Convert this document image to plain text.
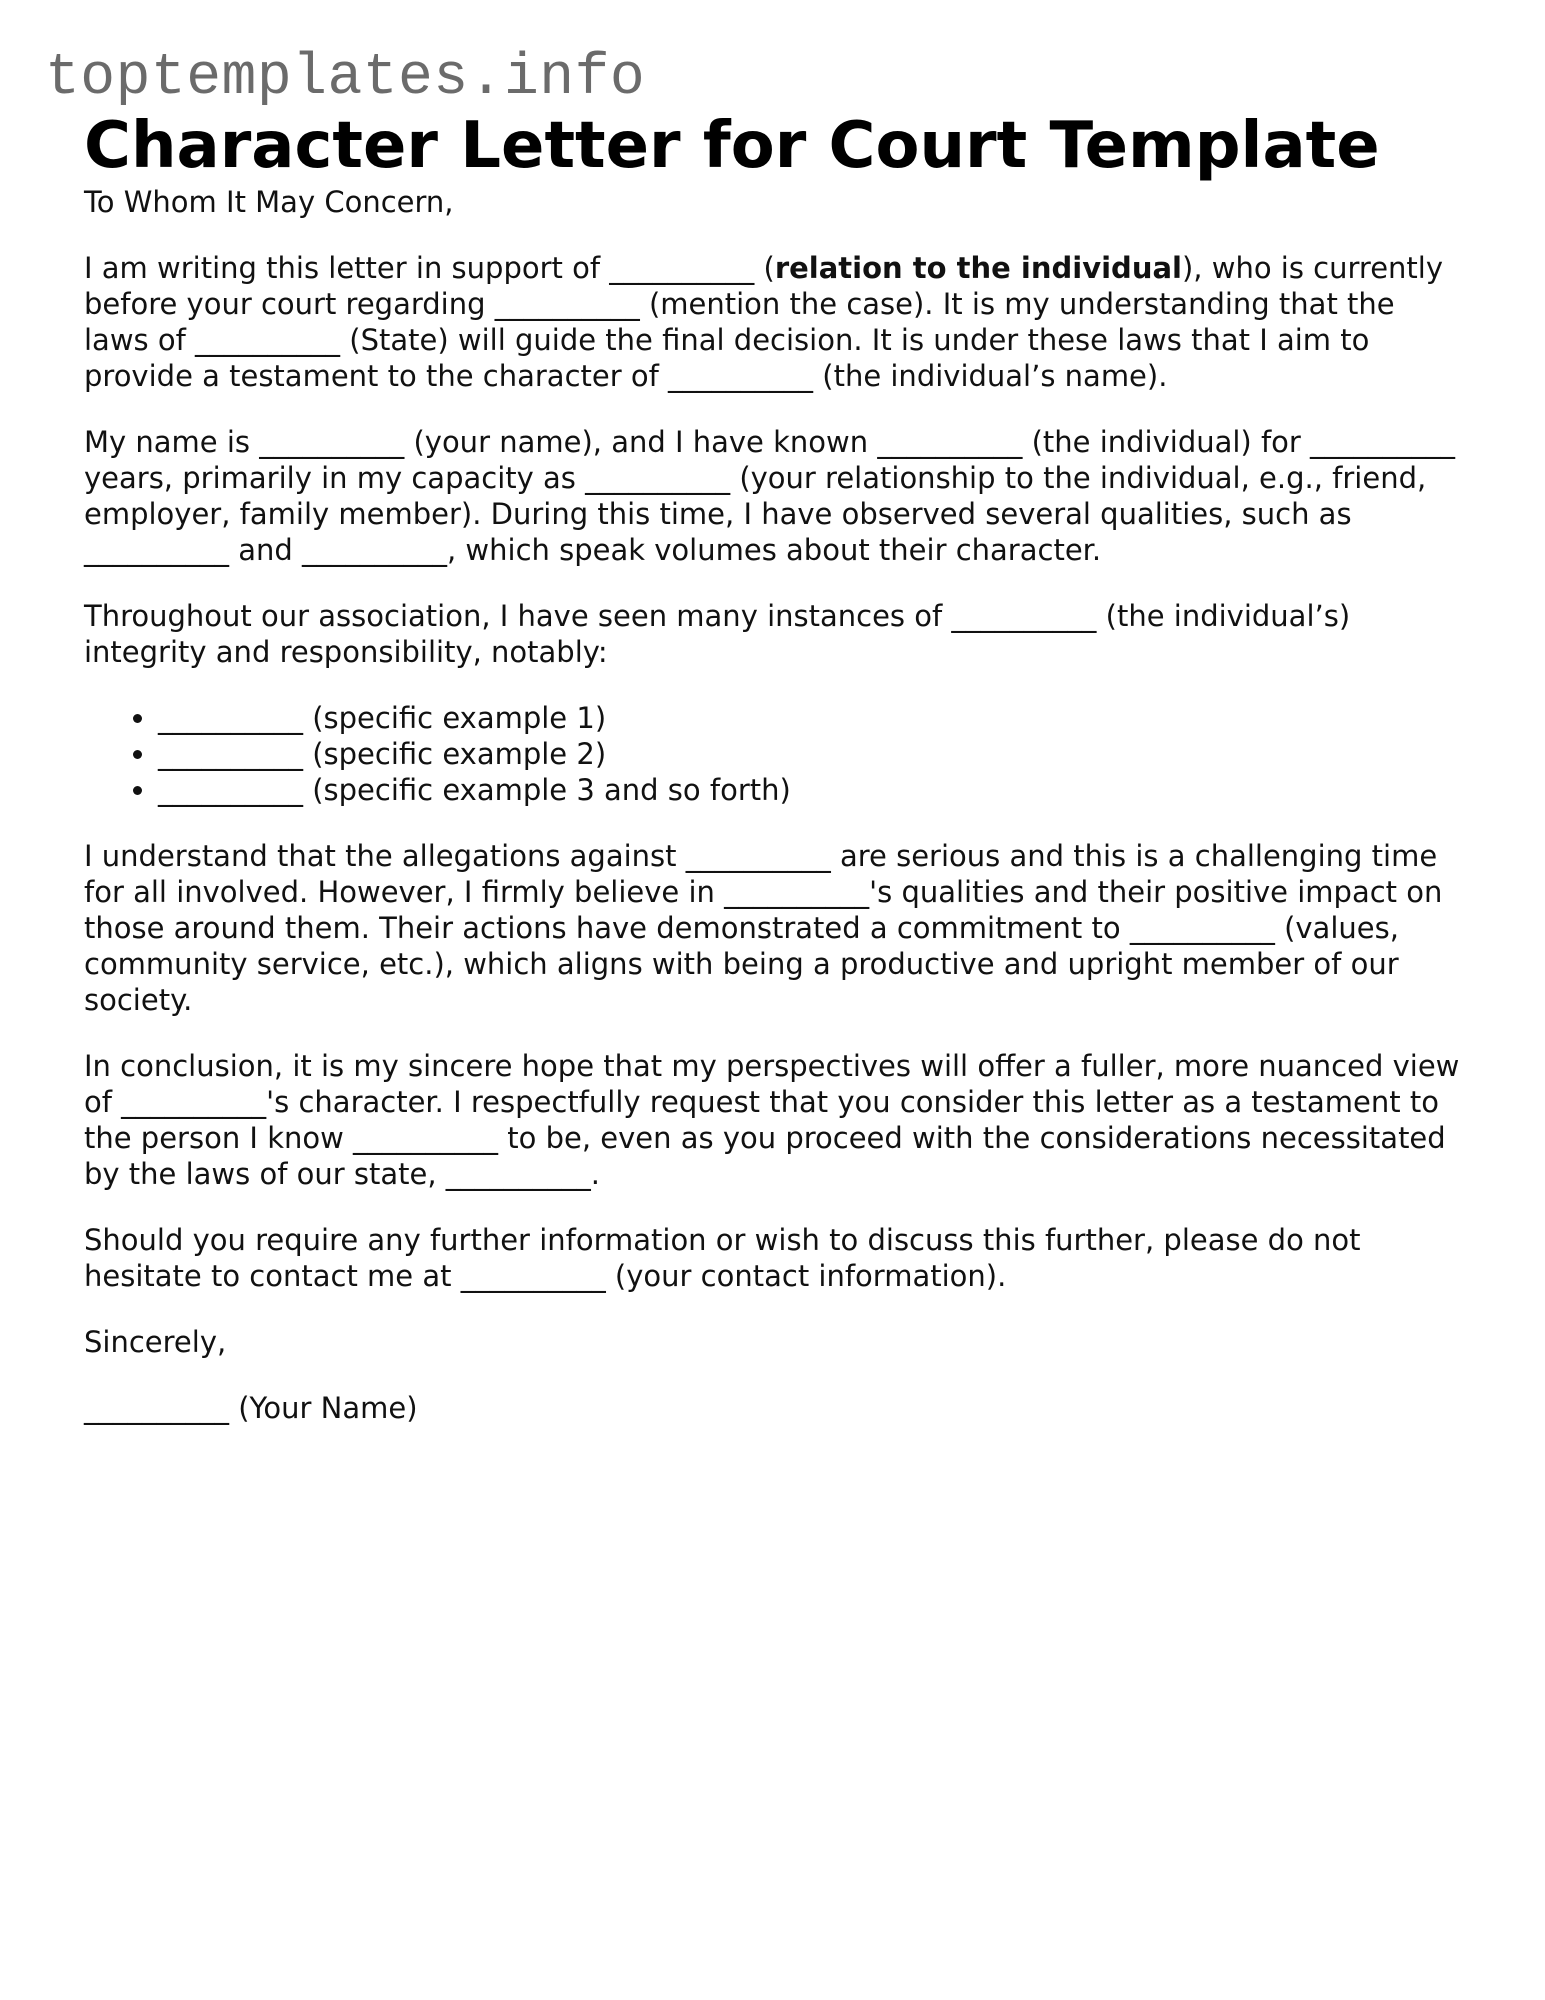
toptemplates.info
Character Letter for Court Template

To Whom It May Concern,

I am writing this letter in support of __________ (relation to the individual), who is currently before your court regarding __________ (mention the case). It is my understanding that the laws of __________ (State) will guide the final decision. It is under these laws that I aim to provide a testament to the character of __________ (the individual’s name).

My name is __________ (your name), and I have known __________ (the individual) for __________ years, primarily in my capacity as __________ (your relationship to the individual, e.g., friend, employer, family member). During this time, I have observed several qualities, such as __________ and __________, which speak volumes about their character.

Throughout our association, I have seen many instances of __________ (the individual’s) integrity and responsibility, notably:

• __________ (specific example 1)
• __________ (specific example 2)
• __________ (specific example 3 and so forth)

I understand that the allegations against __________ are serious and this is a challenging time for all involved. However, I firmly believe in __________'s qualities and their positive impact on those around them. Their actions have demonstrated a commitment to __________ (values, community service, etc.), which aligns with being a productive and upright member of our society.

In conclusion, it is my sincere hope that my perspectives will offer a fuller, more nuanced view of __________'s character. I respectfully request that you consider this letter as a testament to the person I know __________ to be, even as you proceed with the considerations necessitated by the laws of our state, __________.

Should you require any further information or wish to discuss this further, please do not hesitate to contact me at __________ (your contact information).

Sincerely,

__________ (Your Name)
